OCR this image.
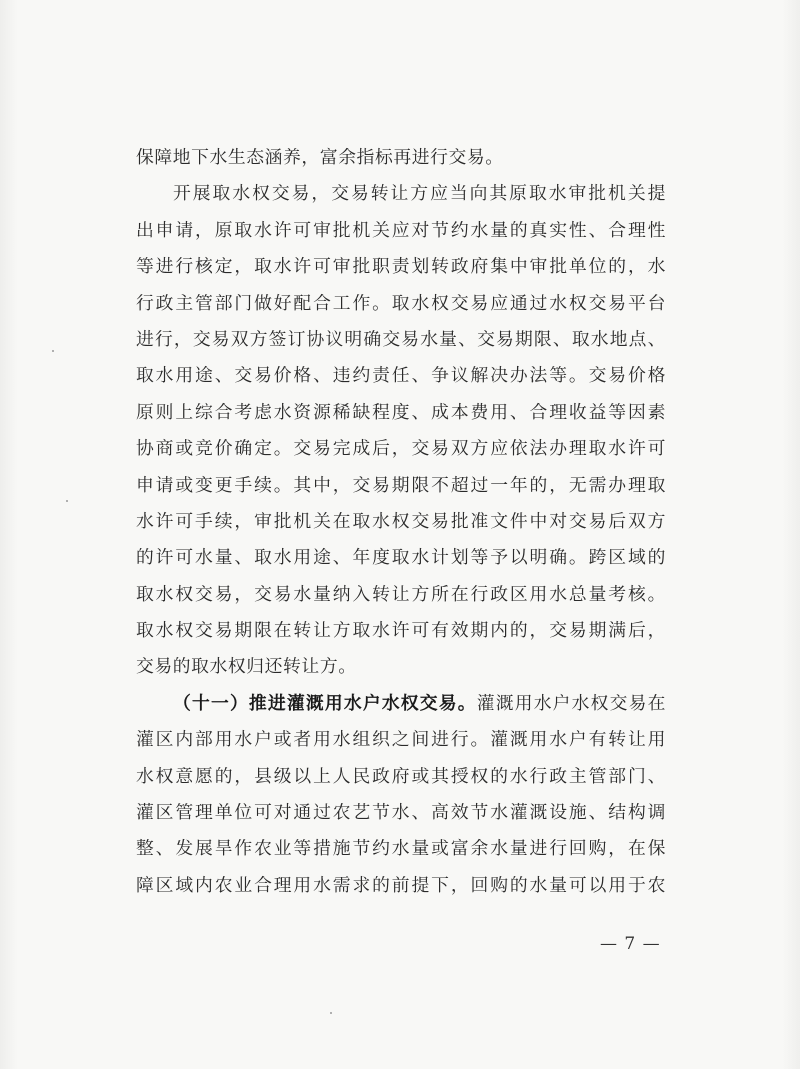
保障地下水生态涵养，富余指标再进行交易。
开展取水权交易，交易转让方应当向其原取水审批机关提
出申请，原取水许可审批机关应对节约水量的真实性、合理性
等进行核定，取水许可审批职责划转政府集中审批单位的，水
行政主管部门做好配合工作。取水权交易应通过水权交易平台
进行，交易双方签订协议明确交易水量、交易期限、取水地点、
取水用途、交易价格、违约责任、争议解决办法等。交易价格
原则上综合考虑水资源稀缺程度、成本费用、合理收益等因素
协商或竞价确定。交易完成后，交易双方应依法办理取水许可
申请或变更手续。其中，交易期限不超过一年的，无需办理取
水许可手续，审批机关在取水权交易批准文件中对交易后双方
的许可水量、取水用途、年度取水计划等予以明确。跨区域的
取水权交易，交易水量纳入转让方所在行政区用水总量考核。
取水权交易期限在转让方取水许可有效期内的，交易期满后，
交易的取水权归还转让方。
（十一）推进灌溉用水户水权交易。灌溉用水户水权交易在
灌区内部用水户或者用水组织之间进行。灌溉用水户有转让用
水权意愿的，县级以上人民政府或其授权的水行政主管部门、
灌区管理单位可对通过农艺节水、高效节水灌溉设施、结构调
整、发展旱作农业等措施节约水量或富余水量进行回购，在保
障区域内农业合理用水需求的前提下，回购的水量可以用于农
— 7 —
